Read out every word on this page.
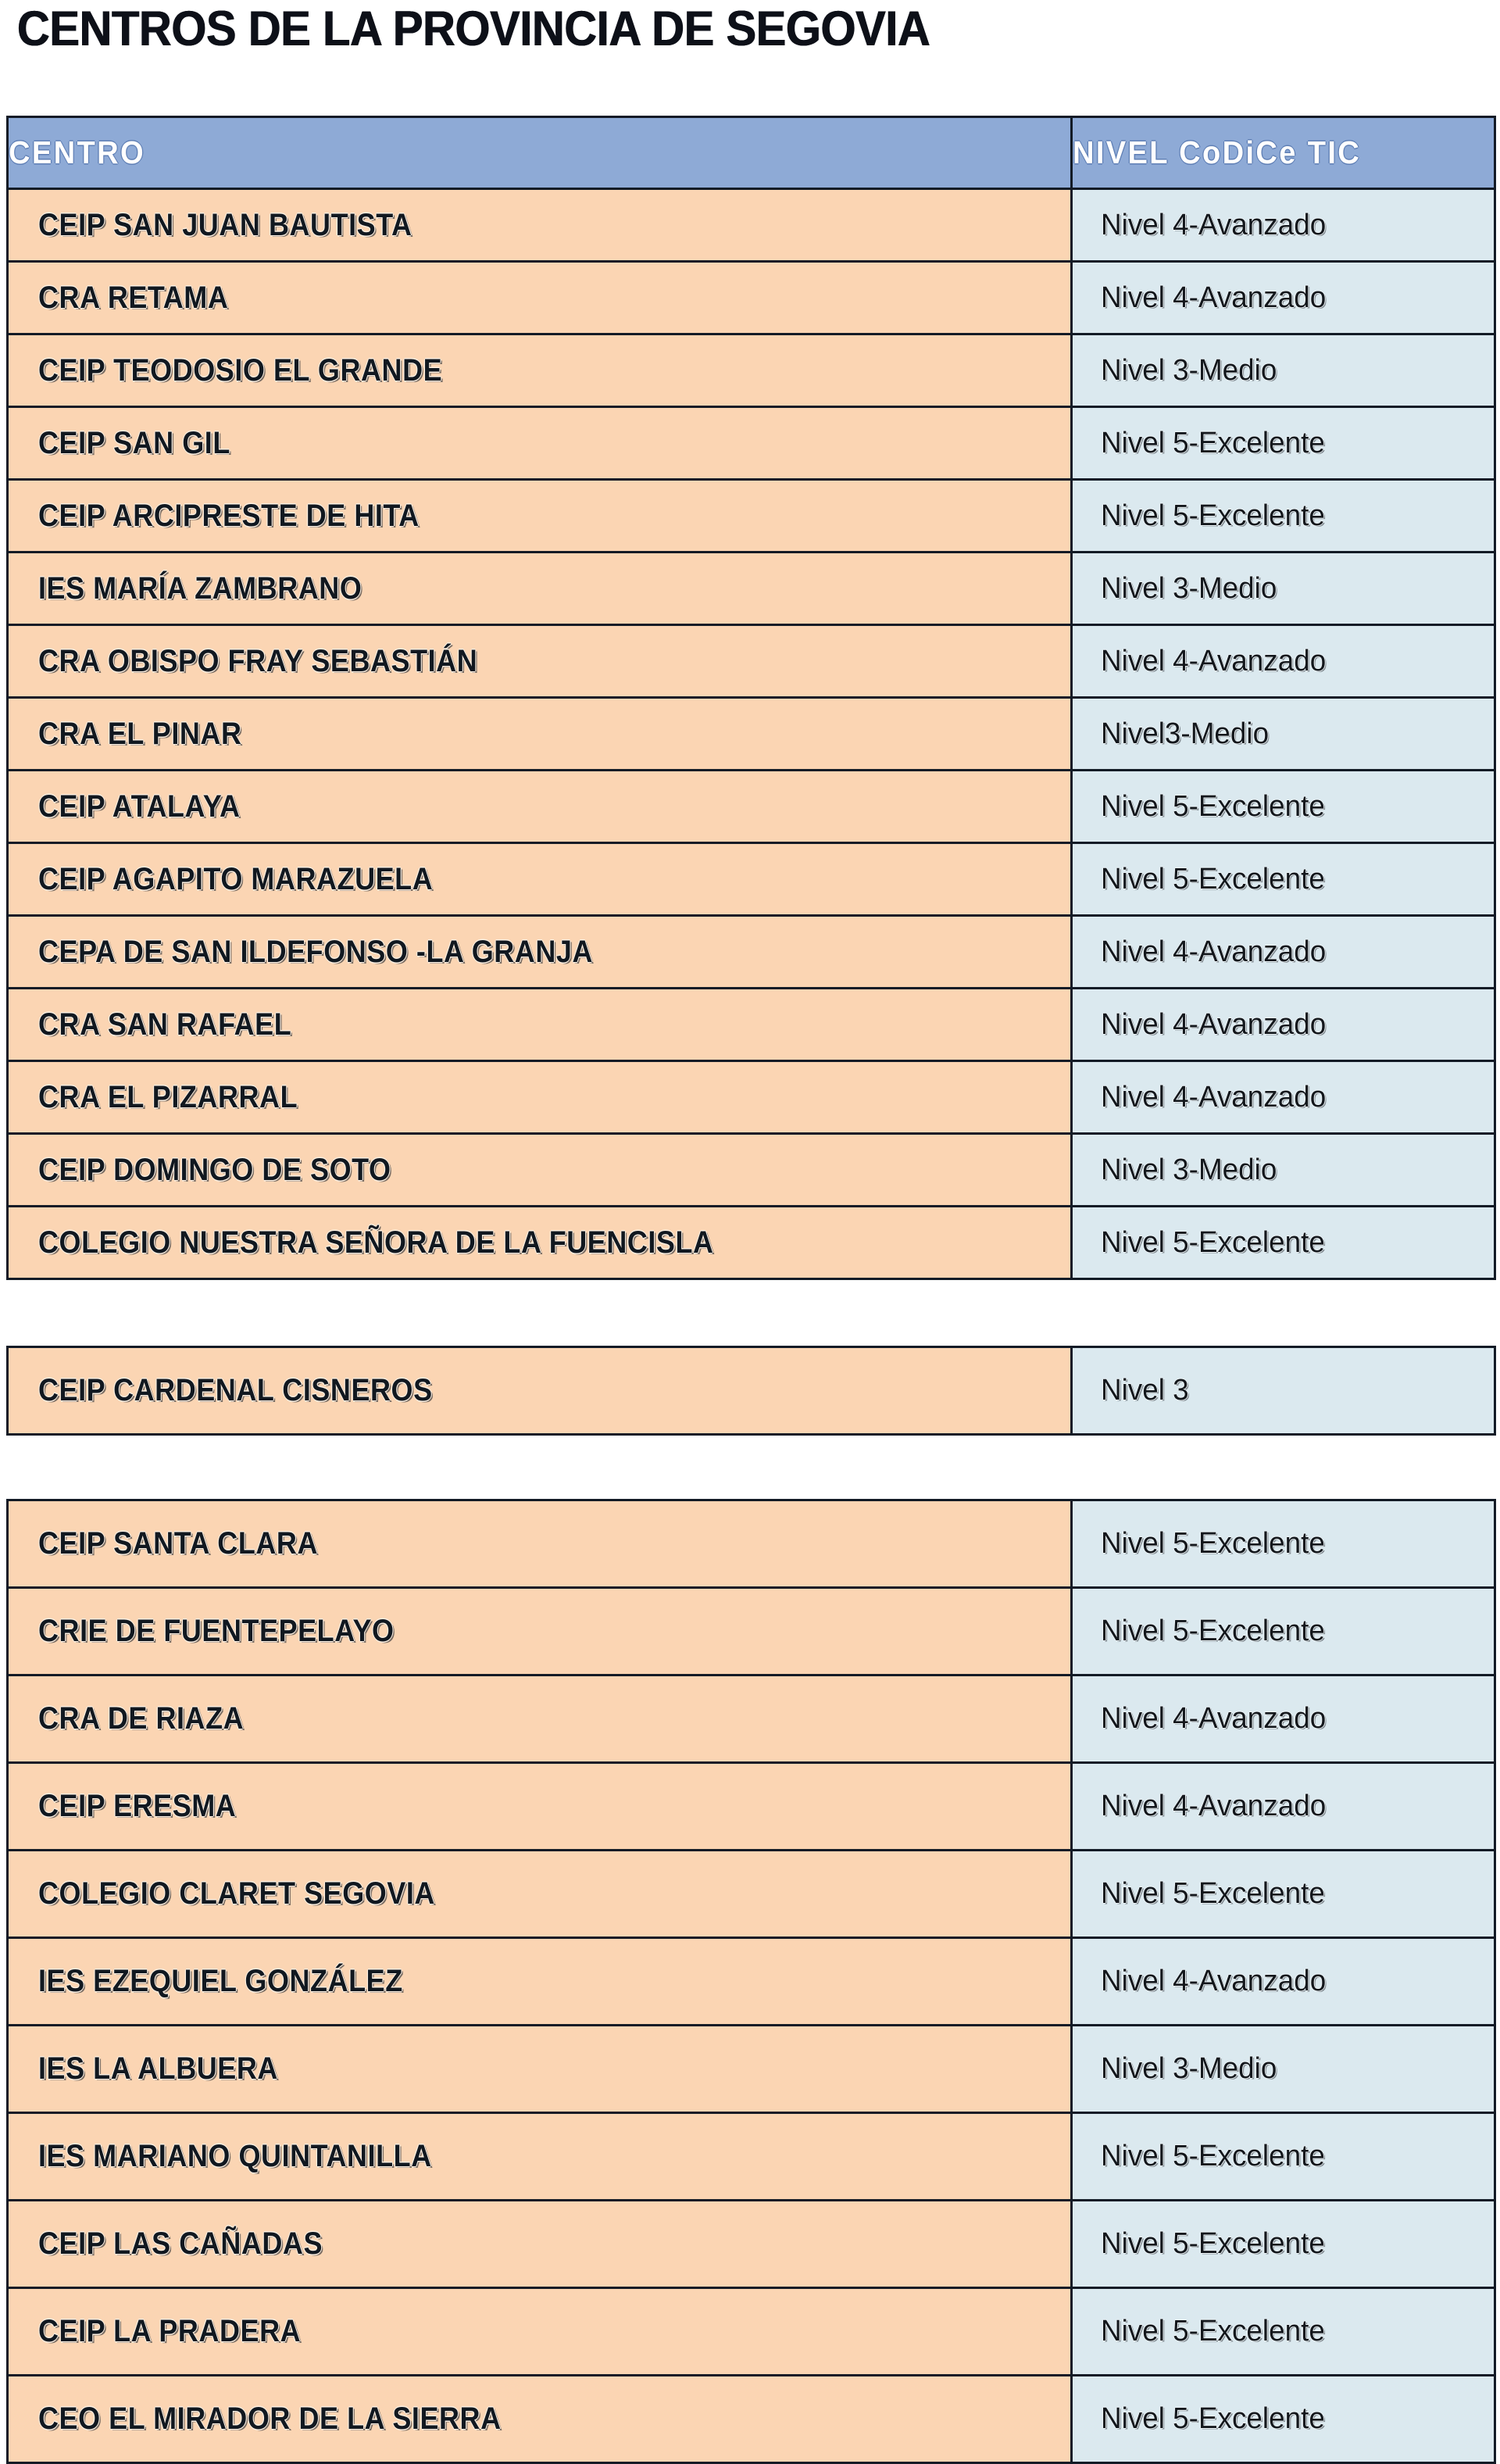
CENTROS DE LA PROVINCIA DE SEGOVIA
CENTRO	NIVEL CoDiCe TIC
CEIP SAN JUAN BAUTISTA	Nivel 4-Avanzado
CRA RETAMA	Nivel 4-Avanzado
CEIP TEODOSIO EL GRANDE	Nivel 3-Medio
CEIP SAN GIL	Nivel 5-Excelente
CEIP ARCIPRESTE DE HITA	Nivel 5-Excelente
IES MARÍA ZAMBRANO	Nivel 3-Medio
CRA OBISPO FRAY SEBASTIÁN	Nivel 4-Avanzado
CRA EL PINAR	Nivel3-Medio
CEIP ATALAYA	Nivel 5-Excelente
CEIP AGAPITO MARAZUELA	Nivel 5-Excelente
CEPA DE SAN ILDEFONSO -LA GRANJA	Nivel 4-Avanzado
CRA SAN RAFAEL	Nivel 4-Avanzado
CRA EL PIZARRAL	Nivel 4-Avanzado
CEIP DOMINGO DE SOTO	Nivel 3-Medio
COLEGIO NUESTRA SEÑORA DE LA FUENCISLA	Nivel 5-Excelente
CEIP CARDENAL CISNEROS	Nivel 3
CEIP SANTA CLARA	Nivel 5-Excelente
CRIE DE FUENTEPELAYO	Nivel 5-Excelente
CRA DE RIAZA	Nivel 4-Avanzado
CEIP ERESMA	Nivel 4-Avanzado
COLEGIO CLARET SEGOVIA	Nivel 5-Excelente
IES EZEQUIEL GONZÁLEZ	Nivel 4-Avanzado
IES LA ALBUERA	Nivel 3-Medio
IES MARIANO QUINTANILLA	Nivel 5-Excelente
CEIP LAS CAÑADAS	Nivel 5-Excelente
CEIP LA PRADERA	Nivel 5-Excelente
CEO EL MIRADOR DE LA SIERRA	Nivel 5-Excelente
